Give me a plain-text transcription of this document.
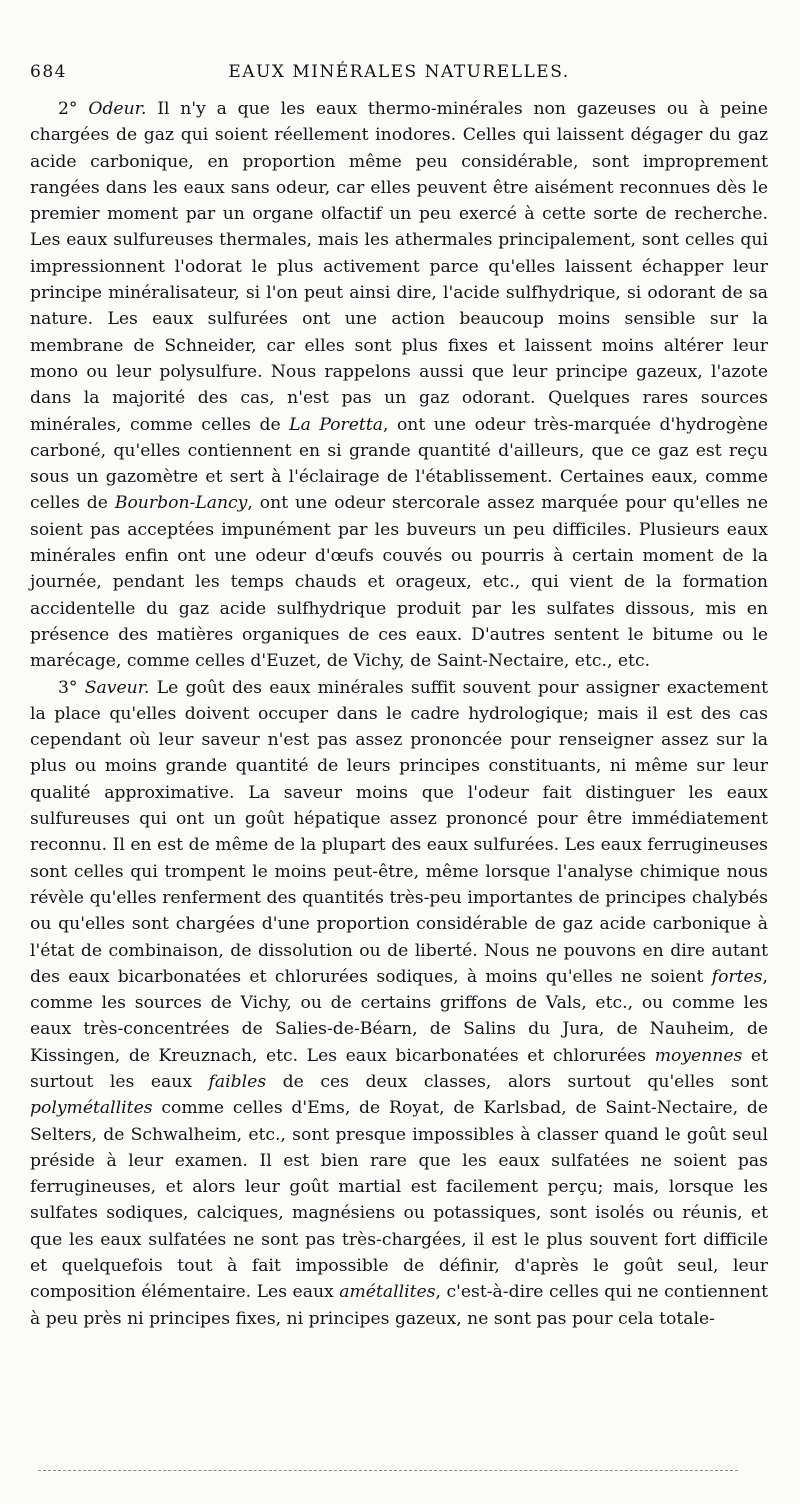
684	EAUX MINÉRALES NATURELLES.

2° Odeur. Il n'y a que les eaux thermo-minérales non gazeuses ou à peine chargées de gaz qui soient réellement inodores. Celles qui laissent dégager du gaz acide carbonique, en proportion même peu considérable, sont improprement rangées dans les eaux sans odeur, car elles peuvent être aisément reconnues dès le premier moment par un organe olfactif un peu exercé à cette sorte de recherche. Les eaux sulfureuses thermales, mais les athermales principalement, sont celles qui impressionnent l'odorat le plus activement parce qu'elles laissent échapper leur principe minéralisateur, si l'on peut ainsi dire, l'acide sulfhydrique, si odorant de sa nature. Les eaux sulfurées ont une action beaucoup moins sensible sur la membrane de Schneider, car elles sont plus fixes et laissent moins altérer leur mono ou leur polysulfure. Nous rappelons aussi que leur principe gazeux, l'azote dans la majorité des cas, n'est pas un gaz odorant. Quelques rares sources minérales, comme celles de La Poretta, ont une odeur très-marquée d'hydrogène carboné, qu'elles contiennent en si grande quantité d'ailleurs, que ce gaz est reçu sous un gazomètre et sert à l'éclairage de l'établissement. Certaines eaux, comme celles de Bourbon-Lancy, ont une odeur stercorale assez marquée pour qu'elles ne soient pas acceptées impunément par les buveurs un peu difficiles. Plusieurs eaux minérales enfin ont une odeur d'œufs couvés ou pourris à certain moment de la journée, pendant les temps chauds et orageux, etc., qui vient de la formation accidentelle du gaz acide sulfhydrique produit par les sulfates dissous, mis en présence des matières organiques de ces eaux. D'autres sentent le bitume ou le marécage, comme celles d'Euzet, de Vichy, de Saint-Nectaire, etc., etc.

3° Saveur. Le goût des eaux minérales suffit souvent pour assigner exactement la place qu'elles doivent occuper dans le cadre hydrologique; mais il est des cas cependant où leur saveur n'est pas assez prononcée pour renseigner assez sur la plus ou moins grande quantité de leurs principes constituants, ni même sur leur qualité approximative. La saveur moins que l'odeur fait distinguer les eaux sulfureuses qui ont un goût hépatique assez prononcé pour être immédiatement reconnu. Il en est de même de la plupart des eaux sulfurées. Les eaux ferrugineuses sont celles qui trompent le moins peut-être, même lorsque l'analyse chimique nous révèle qu'elles renferment des quantités très-peu importantes de principes chalybés ou qu'elles sont chargées d'une proportion considérable de gaz acide carbonique à l'état de combinaison, de dissolution ou de liberté. Nous ne pouvons en dire autant des eaux bicarbonatées et chlorurées sodiques, à moins qu'elles ne soient fortes, comme les sources de Vichy, ou de certains griffons de Vals, etc., ou comme les eaux très-concentrées de Salies-de-Béarn, de Salins du Jura, de Nauheim, de Kissingen, de Kreuznach, etc. Les eaux bicarbonatées et chlorurées moyennes et surtout les eaux faibles de ces deux classes, alors surtout qu'elles sont polymétallites comme celles d'Ems, de Royat, de Karlsbad, de Saint-Nectaire, de Selters, de Schwalheim, etc., sont presque impossibles à classer quand le goût seul préside à leur examen. Il est bien rare que les eaux sulfatées ne soient pas ferrugineuses, et alors leur goût martial est facilement perçu; mais, lorsque les sulfates sodiques, calciques, magnésiens ou potassiques, sont isolés ou réunis, et que les eaux sulfatées ne sont pas très-chargées, il est le plus souvent fort difficile et quelquefois tout à fait impossible de définir, d'après le goût seul, leur composition élémentaire. Les eaux amétallites, c'est-à-dire celles qui ne contiennent à peu près ni principes fixes, ni principes gazeux, ne sont pas pour cela totale-
